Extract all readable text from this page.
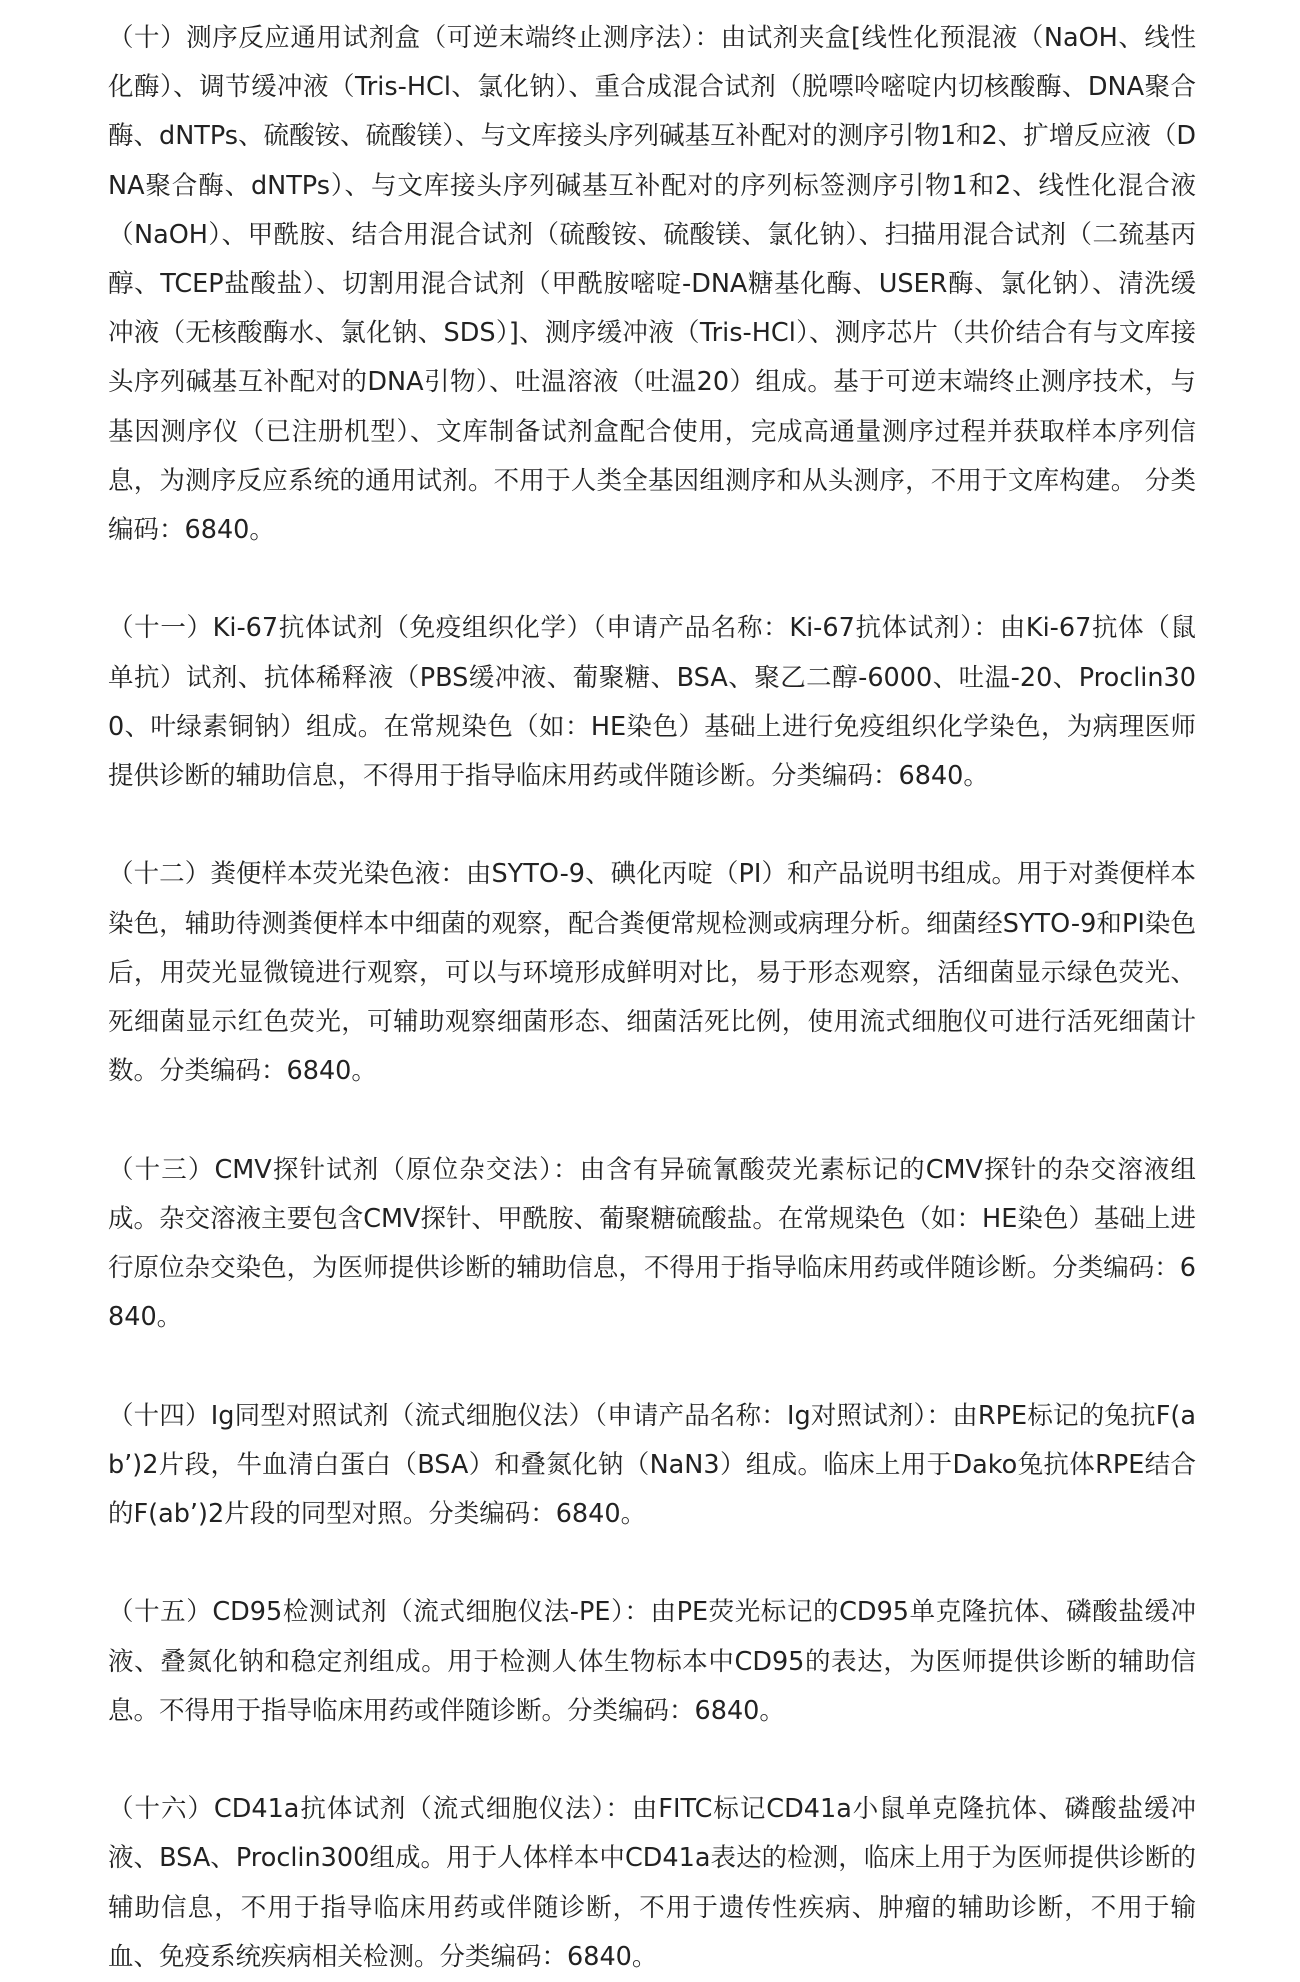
（十）测序反应通用试剂盒（可逆末端终止测序法）：由试剂夹盒[线性化预混液（NaOH、线性化酶）、调节缓冲液（Tris-HCl、氯化钠）、重合成混合试剂（脱嘌呤嘧啶内切核酸酶、DNA聚合酶、dNTPs、硫酸铵、硫酸镁）、与文库接头序列碱基互补配对的测序引物1和2、扩增反应液（DNA聚合酶、dNTPs）、与文库接头序列碱基互补配对的序列标签测序引物1和2、线性化混合液（NaOH）、甲酰胺、结合用混合试剂（硫酸铵、硫酸镁、氯化钠）、扫描用混合试剂（二巯基丙醇、TCEP盐酸盐）、切割用混合试剂（甲酰胺嘧啶-DNA糖基化酶、USER酶、氯化钠）、清洗缓冲液（无核酸酶水、氯化钠、SDS）]、测序缓冲液（Tris-HCl）、测序芯片（共价结合有与文库接头序列碱基互补配对的DNA引物）、吐温溶液（吐温20）组成。基于可逆末端终止测序技术，与基因测序仪（已注册机型）、文库制备试剂盒配合使用，完成高通量测序过程并获取样本序列信息，为测序反应系统的通用试剂。不用于人类全基因组测序和从头测序，不用于文库构建。 分类编码：6840。

（十一）Ki-67抗体试剂（免疫组织化学）（申请产品名称：Ki-67抗体试剂）：由Ki-67抗体（鼠单抗）试剂、抗体稀释液（PBS缓冲液、葡聚糖、BSA、聚乙二醇-6000、吐温-20、Proclin300、叶绿素铜钠）组成。在常规染色（如：HE染色）基础上进行免疫组织化学染色，为病理医师提供诊断的辅助信息，不得用于指导临床用药或伴随诊断。分类编码：6840。

（十二）粪便样本荧光染色液：由SYTO-9、碘化丙啶（PI）和产品说明书组成。用于对粪便样本染色，辅助待测粪便样本中细菌的观察，配合粪便常规检测或病理分析。细菌经SYTO-9和PI染色后，用荧光显微镜进行观察，可以与环境形成鲜明对比，易于形态观察，活细菌显示绿色荧光、死细菌显示红色荧光，可辅助观察细菌形态、细菌活死比例，使用流式细胞仪可进行活死细菌计数。分类编码：6840。

（十三）CMV探针试剂（原位杂交法）：由含有异硫氰酸荧光素标记的CMV探针的杂交溶液组成。杂交溶液主要包含CMV探针、甲酰胺、葡聚糖硫酸盐。在常规染色（如：HE染色）基础上进行原位杂交染色，为医师提供诊断的辅助信息，不得用于指导临床用药或伴随诊断。分类编码：6840。

（十四）Ig同型对照试剂（流式细胞仪法）（申请产品名称：Ig对照试剂）：由RPE标记的兔抗F(ab’)2片段，牛血清白蛋白（BSA）和叠氮化钠（NaN3）组成。临床上用于Dako兔抗体RPE结合的F(ab’)2片段的同型对照。分类编码：6840。

（十五）CD95检测试剂（流式细胞仪法-PE）：由PE荧光标记的CD95单克隆抗体、磷酸盐缓冲液、叠氮化钠和稳定剂组成。用于检测人体生物标本中CD95的表达，为医师提供诊断的辅助信息。不得用于指导临床用药或伴随诊断。分类编码：6840。

（十六）CD41a抗体试剂（流式细胞仪法）：由FITC标记CD41a小鼠单克隆抗体、磷酸盐缓冲液、BSA、Proclin300组成。用于人体样本中CD41a表达的检测，临床上用于为医师提供诊断的辅助信息，不用于指导临床用药或伴随诊断，不用于遗传性疾病、肿瘤的辅助诊断，不用于输血、免疫系统疾病相关检测。分类编码：6840。
